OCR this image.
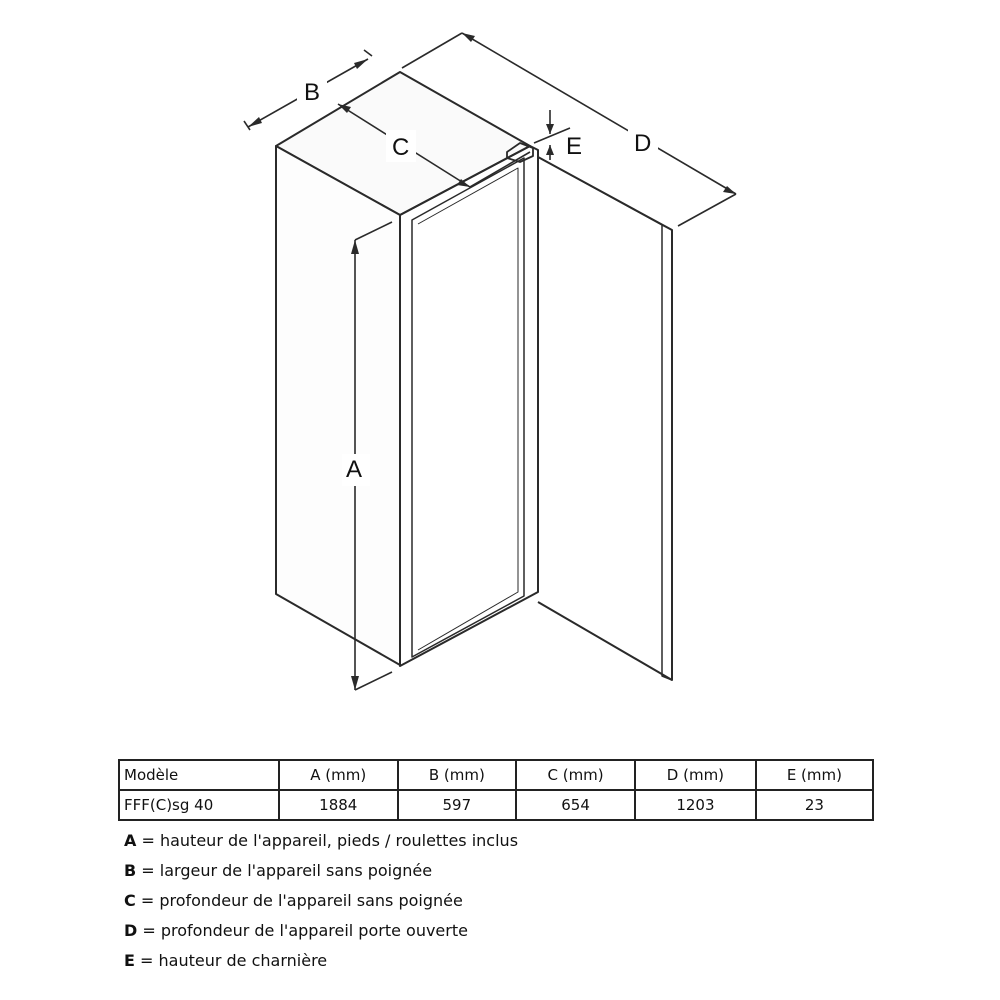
B
C	D
A
E
Modèle	A (mm)	B (mm)	C (mm)	D (mm)	E (mm)
FFF(C)sg 40	1884	597	654	1203	23
A = hauteur de l'appareil, pieds / roulettes inclus
B = largeur de l'appareil sans poignée
C = profondeur de l'appareil sans poignée
D = profondeur de l'appareil porte ouverte
E = hauteur de charnière
